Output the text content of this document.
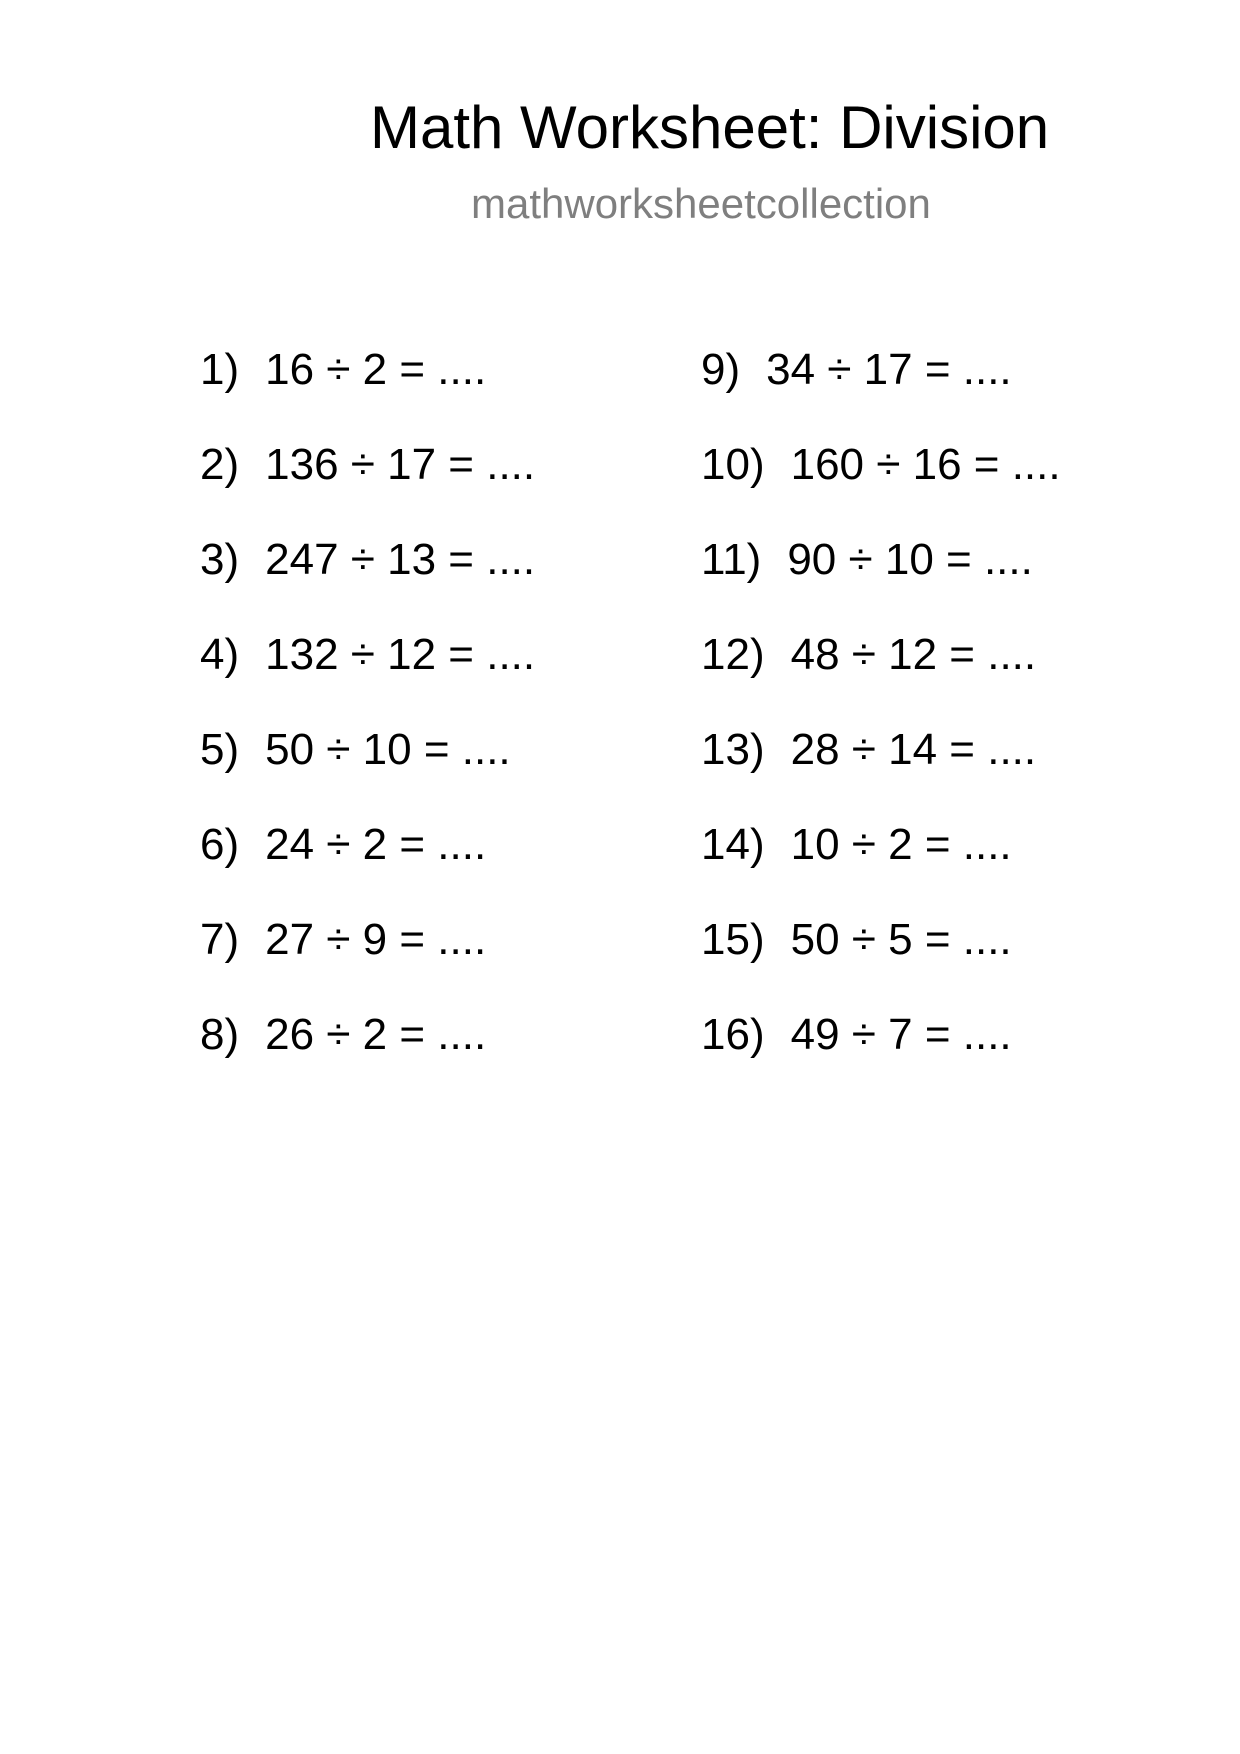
Math Worksheet: Division
mathworksheetcollection
1) 16 ÷ 2 = ....
2) 136 ÷ 17 = ....
3) 247 ÷ 13 = ....
4) 132 ÷ 12 = ....
5) 50 ÷ 10 = ....
6) 24 ÷ 2 = ....
7) 27 ÷ 9 = ....
8) 26 ÷ 2 = ....
9) 34 ÷ 17 = ....
10) 160 ÷ 16 = ....
11) 90 ÷ 10 = ....
12) 48 ÷ 12 = ....
13) 28 ÷ 14 = ....
14) 10 ÷ 2 = ....
15) 50 ÷ 5 = ....
16) 49 ÷ 7 = ....
